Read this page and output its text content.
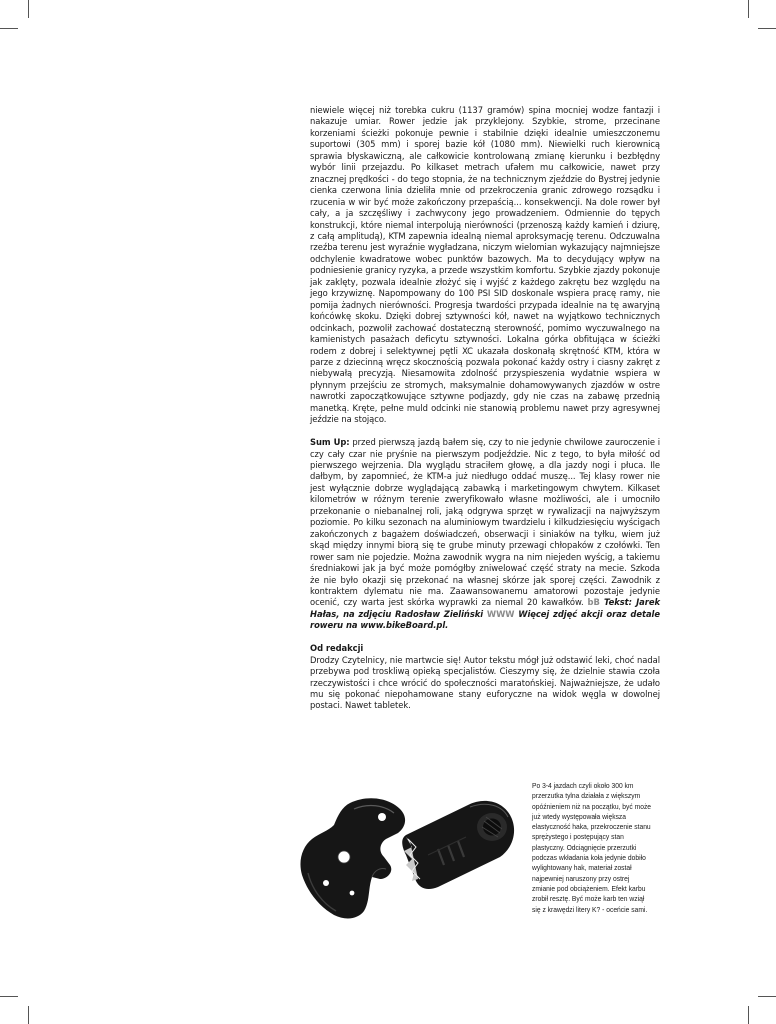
niewiele więcej niż torebka cukru (1137 gramów) spina mocniej wodze fantazji i nakazuje umiar. Rower jedzie jak przyklejony. Szybkie, strome, przecinane korzeniami ścieżki pokonuje pewnie i stabilnie dzięki idealnie umieszczonemu suportowi (305 mm) i sporej bazie kół (1080 mm). Niewielki ruch kierownicą sprawia błyskawiczną, ale całkowicie kontrolowaną zmianę kierunku i bezbłędny wybór linii przejazdu. Po kilkaset metrach ufałem mu całkowicie, nawet przy znacznej prędkości - do tego stopnia, że na technicznym zjeździe do Bystrej jedynie cienka czerwona linia dzieliła mnie od przekroczenia granic zdrowego rozsądku i rzucenia w wir być może zakończony przepaścią... konsekwencji. Na dole rower był cały, a ja szczęśliwy i zachwycony jego prowadzeniem. Odmiennie do tępych konstrukcji, które niemal interpolują nierówności (przenoszą każdy kamień i dziurę, z całą amplitudą), KTM zapewnia idealną niemal aproksymację terenu. Odczuwalna rzeźba terenu jest wyraźnie wygładzana, niczym wielomian wykazujący najmniejsze odchylenie kwadratowe wobec punktów bazowych. Ma to decydujący wpływ na podniesienie granicy ryzyka, a przede wszystkim komfortu. Szybkie zjazdy pokonuje jak zaklęty, pozwala idealnie złożyć się i wyjść z każdego zakrętu bez względu na jego krzywiznę. Napompowany do 100 PSI SID doskonale wspiera pracę ramy, nie pomija żadnych nierówności. Progresja twardości przypada idealnie na tę awaryjną końcówkę skoku. Dzięki dobrej sztywności kół, nawet na wyjątkowo technicznych odcinkach, pozwolił zachować dostateczną sterowność, pomimo wyczuwalnego na kamienistych pasażach deficytu sztywności. Lokalna górka obfitująca w ścieżki rodem z dobrej i selektywnej pętli XC ukazała doskonałą skrętność KTM, która w parze z dziecinną wręcz skocznością pozwala pokonać każdy ostry i ciasny zakręt z niebywałą precyzją. Niesamowita zdolność przyspieszenia wydatnie wspiera w płynnym przejściu ze stromych, maksymalnie dohamowywanych zjazdów w ostre nawrotki zapoczątkowujące sztywne podjazdy, gdy nie czas na zabawę przednią manetką. Kręte, pełne muld odcinki nie stanowią problemu nawet przy agresywnej jeździe na stojąco.

Sum Up: przed pierwszą jazdą bałem się, czy to nie jedynie chwilowe zauroczenie i czy cały czar nie pryśnie na pierwszym podjeździe. Nic z tego, to była miłość od pierwszego wejrzenia. Dla wyglądu straciłem głowę, a dla jazdy nogi i płuca. Ile dałbym, by zapomnieć, że KTM-a już niedługo oddać muszę... Tej klasy rower nie jest wyłącznie dobrze wyglądającą zabawką i marketingowym chwytem. Kilkaset kilometrów w różnym terenie zweryfikowało własne możliwości, ale i umocniło przekonanie o niebanalnej roli, jaką odgrywa sprzęt w rywalizacji na najwyższym poziomie. Po kilku sezonach na aluminiowym twardzielu i kilkudziesięciu wyścigach zakończonych z bagażem doświadczeń, obserwacji i siniaków na tyłku, wiem już skąd między innymi biorą się te grube minuty przewagi chłopaków z czołówki. Ten rower sam nie pojedzie. Można zawodnik wygra na nim niejeden wyścig, a takiemu średniakowi jak ja być może pomógłby zniwelować część straty na mecie. Szkoda że nie było okazji się przekonać na własnej skórze jak sporej części. Zawodnik z kontraktem dylematu nie ma. Zaawansowanemu amatorowi pozostaje jedynie ocenić, czy warta jest skórka wyprawki za niemal 20 kawałków. bB Tekst: Jarek Hałas, na zdjęciu Radosław Zieliński WWW Więcej zdjęć akcji oraz detale roweru na www.bikeBoard.pl.

Od redakcji
Drodzy Czytelnicy, nie martwcie się! Autor tekstu mógł już odstawić leki, choć nadal przebywa pod troskliwą opieką specjalistów. Cieszymy się, że dzielnie stawia czoła rzeczywistości i chce wrócić do społeczności maratońskiej. Najważniejsze, że udało mu się pokonać niepohamowane stany euforyczne na widok węgla w dowolnej postaci. Nawet tabletek.

Po 3-4 jazdach czyli około 300 km przerzutka tylna działała z większym opóźnieniem niż na początku, być może już wtedy występowała większa elastyczność haka, przekroczenie stanu sprężystego i postępujący stan plastyczny. Odciągnięcie przerzutki podczas wkładania koła jedynie dobiło wylightowany hak, materiał został najpewniej naruszony przy ostrej zmianie pod obciążeniem. Efekt karbu zrobił resztę. Być może karb ten wziął się z krawędzi litery K? - oceńcie sami.
